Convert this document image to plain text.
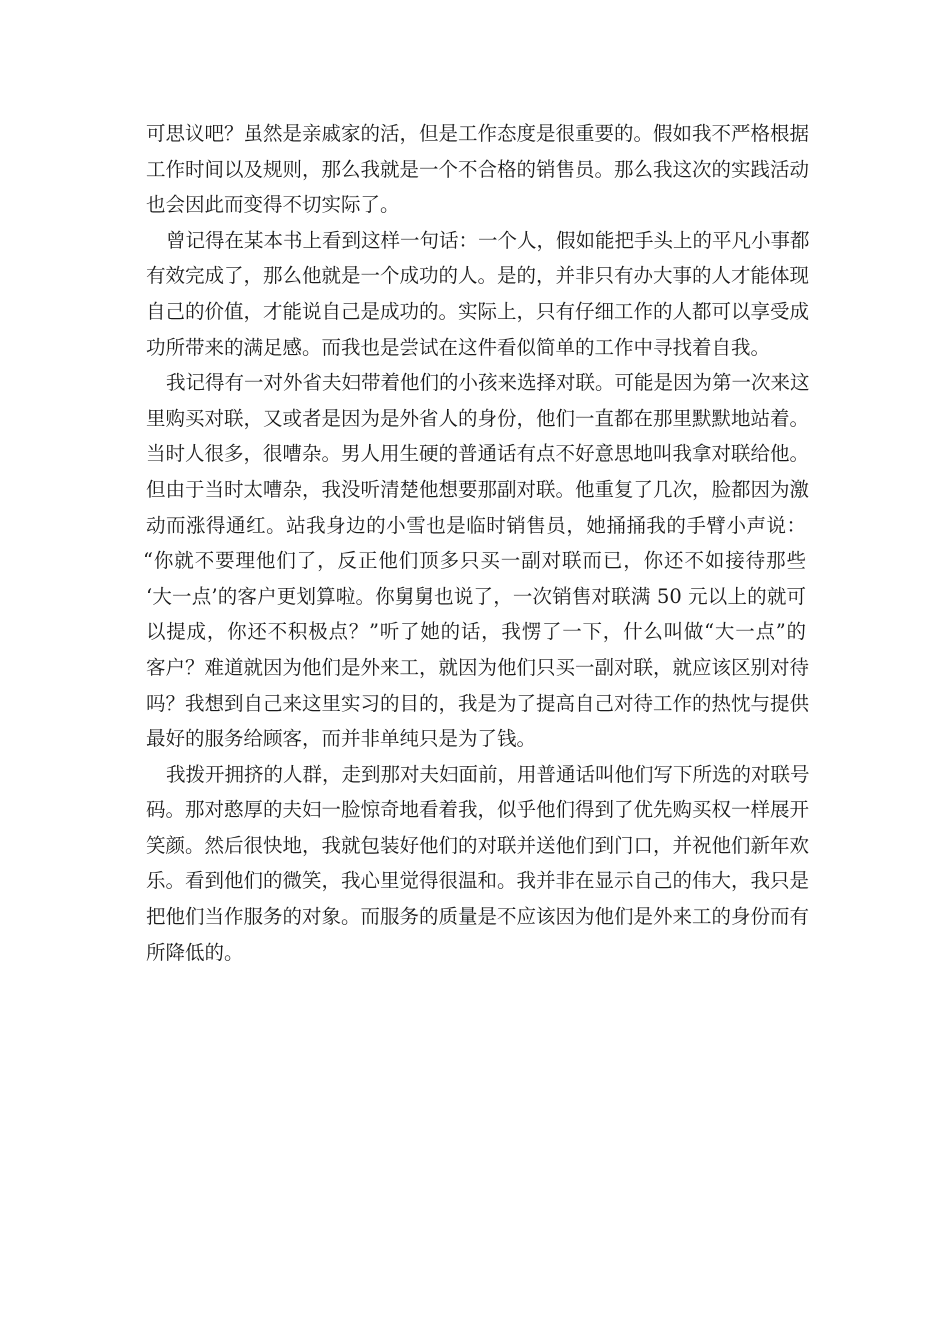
可思议吧？虽然是亲戚家的活，但是工作态度是很重要的。假如我不严格根据
工作时间以及规则，那么我就是一个不合格的销售员。那么我这次的实践活动
也会因此而变得不切实际了。
曾记得在某本书上看到这样一句话：一个人，假如能把手头上的平凡小事都
有效完成了，那么他就是一个成功的人。是的，并非只有办大事的人才能体现
自己的价值，才能说自己是成功的。实际上，只有仔细工作的人都可以享受成
功所带来的满足感。而我也是尝试在这件看似简单的工作中寻找着自我。
我记得有一对外省夫妇带着他们的小孩来选择对联。可能是因为第一次来这
里购买对联，又或者是因为是外省人的身份，他们一直都在那里默默地站着。
当时人很多，很嘈杂。男人用生硬的普通话有点不好意思地叫我拿对联给他。
但由于当时太嘈杂，我没听清楚他想要那副对联。他重复了几次，脸都因为激
动而涨得通红。站我身边的小雪也是临时销售员，她捅捅我的手臂小声说：
“你就不要理他们了，反正他们顶多只买一副对联而已，你还不如接待那些
‘大一点’的客户更划算啦。你舅舅也说了，一次销售对联满 50 元以上的就可
以提成，你还不积极点？”听了她的话，我愣了一下，什么叫做“大一点”的
客户？难道就因为他们是外来工，就因为他们只买一副对联，就应该区别对待
吗？我想到自己来这里实习的目的，我是为了提高自己对待工作的热忱与提供
最好的服务给顾客，而并非单纯只是为了钱。
我拨开拥挤的人群，走到那对夫妇面前，用普通话叫他们写下所选的对联号
码。那对憨厚的夫妇一脸惊奇地看着我，似乎他们得到了优先购买权一样展开
笑颜。然后很快地，我就包装好他们的对联并送他们到门口，并祝他们新年欢
乐。看到他们的微笑，我心里觉得很温和。我并非在显示自己的伟大，我只是
把他们当作服务的对象。而服务的质量是不应该因为他们是外来工的身份而有
所降低的。
